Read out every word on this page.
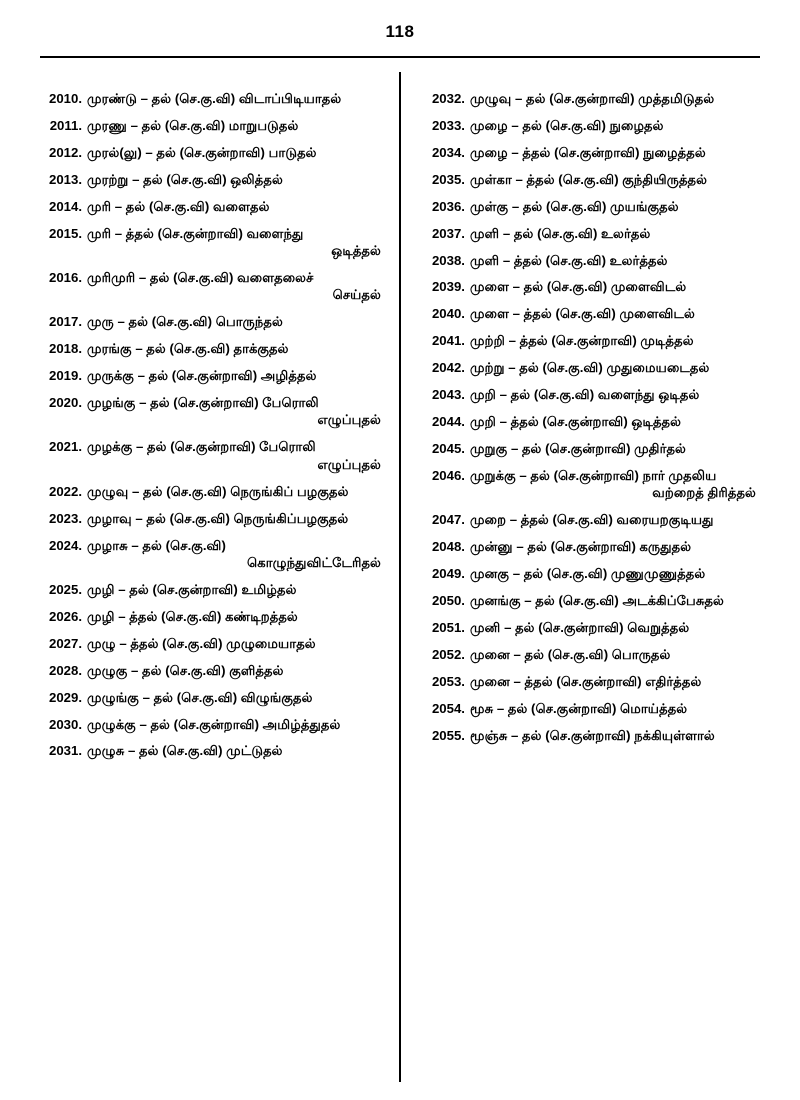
118
2010. முரண்டு – தல் (செ.கு.வி) விடாப்பிடியாதல்
2011. முரணு – தல் (செ.கு.வி) மாறுபடுதல்
2012. முரல்(லு) – தல் (செ.குன்றாவி) பாடுதல்
2013. முரற்று – தல் (செ.கு.வி) ஒலித்தல்
2014. முரி – தல் (செ.கு.வி) வளைதல்
2015. முரி – த்தல் (செ.குன்றாவி) வளைந்து
ஒடித்தல்
2016. முரிமுரி – தல் (செ.கு.வி) வளைதலைச்
செய்தல்
2017. முரு – தல் (செ.கு.வி) பொருந்தல்
2018. முரங்கு – தல் (செ.கு.வி) தாக்குதல்
2019. முருக்கு – தல் (செ.குன்றாவி) அழித்தல்
2020. முழங்கு – தல் (செ.குன்றாவி) பேரொலி
எழுப்புதல்
2021. முழக்கு – தல் (செ.குன்றாவி) பேரொலி
எழுப்புதல்
2022. முழுவு – தல் (செ.கு.வி) நெருங்கிப் பழகுதல்
2023. முழாவு – தல் (செ.கு.வி) நெருங்கிப்பழகுதல்
2024. முழாசு – தல் (செ.கு.வி)
கொழுந்துவிட்டேரிதல்
2025. முழி – தல் (செ.குன்றாவி) உமிழ்தல்
2026. முழி – த்தல் (செ.கு.வி) கண்டிறத்தல்
2027. முழு – த்தல் (செ.கு.வி) முழுமையாதல்
2028. முழுகு – தல் (செ.கு.வி) குளித்தல்
2029. முழுங்கு – தல் (செ.கு.வி) விழுங்குதல்
2030. முழுக்கு – தல் (செ.குன்றாவி) அமிழ்த்துதல்
2031. முழுசு – தல் (செ.கு.வி) முட்டுதல்
2032. முழுவு – தல் (செ.குன்றாவி) முத்தமிடுதல்
2033. முழை – தல் (செ.கு.வி) நுழைதல்
2034. முழை – த்தல் (செ.குன்றாவி) நுழைத்தல்
2035. முள்கா – த்தல் (செ.கு.வி) குந்தியிருத்தல்
2036. முள்கு – தல் (செ.கு.வி) முயங்குதல்
2037. முளி – தல் (செ.கு.வி) உலர்தல்
2038. முளி – த்தல் (செ.கு.வி) உலர்த்தல்
2039. முளை – தல் (செ.கு.வி) முளைவிடல்
2040. முளை – த்தல் (செ.கு.வி) முளைவிடல்
2041. முற்றி – த்தல் (செ.குன்றாவி) முடித்தல்
2042. முற்று – தல் (செ.கு.வி) முதுமையடைதல்
2043. முறி – தல் (செ.கு.வி) வளைந்து ஒடிதல்
2044. முறி – த்தல் (செ.குன்றாவி) ஒடித்தல்
2045. முறுகு – தல் (செ.குன்றாவி) முதிர்தல்
2046. முறுக்கு – தல் (செ.குன்றாவி) நார் முதலிய
வற்றைத் திரித்தல்
2047. முறை – த்தல் (செ.கு.வி) வரையறகுடியது
2048. முன்னு – தல் (செ.குன்றாவி) கருதுதல்
2049. முனகு – தல் (செ.கு.வி) முணுமுணுத்தல்
2050. முனங்கு – தல் (செ.கு.வி) அடக்கிப்பேசுதல்
2051. முனி – தல் (செ.குன்றாவி) வெறுத்தல்
2052. முனை – தல் (செ.கு.வி) பொருதல்
2053. முனை – த்தல் (செ.குன்றாவி) எதிர்த்தல்
2054. மூசு – தல் (செ.குன்றாவி) மொய்த்தல்
2055. மூஞ்சு – தல் (செ.குன்றாவி) நக்கியுள்ளால்
